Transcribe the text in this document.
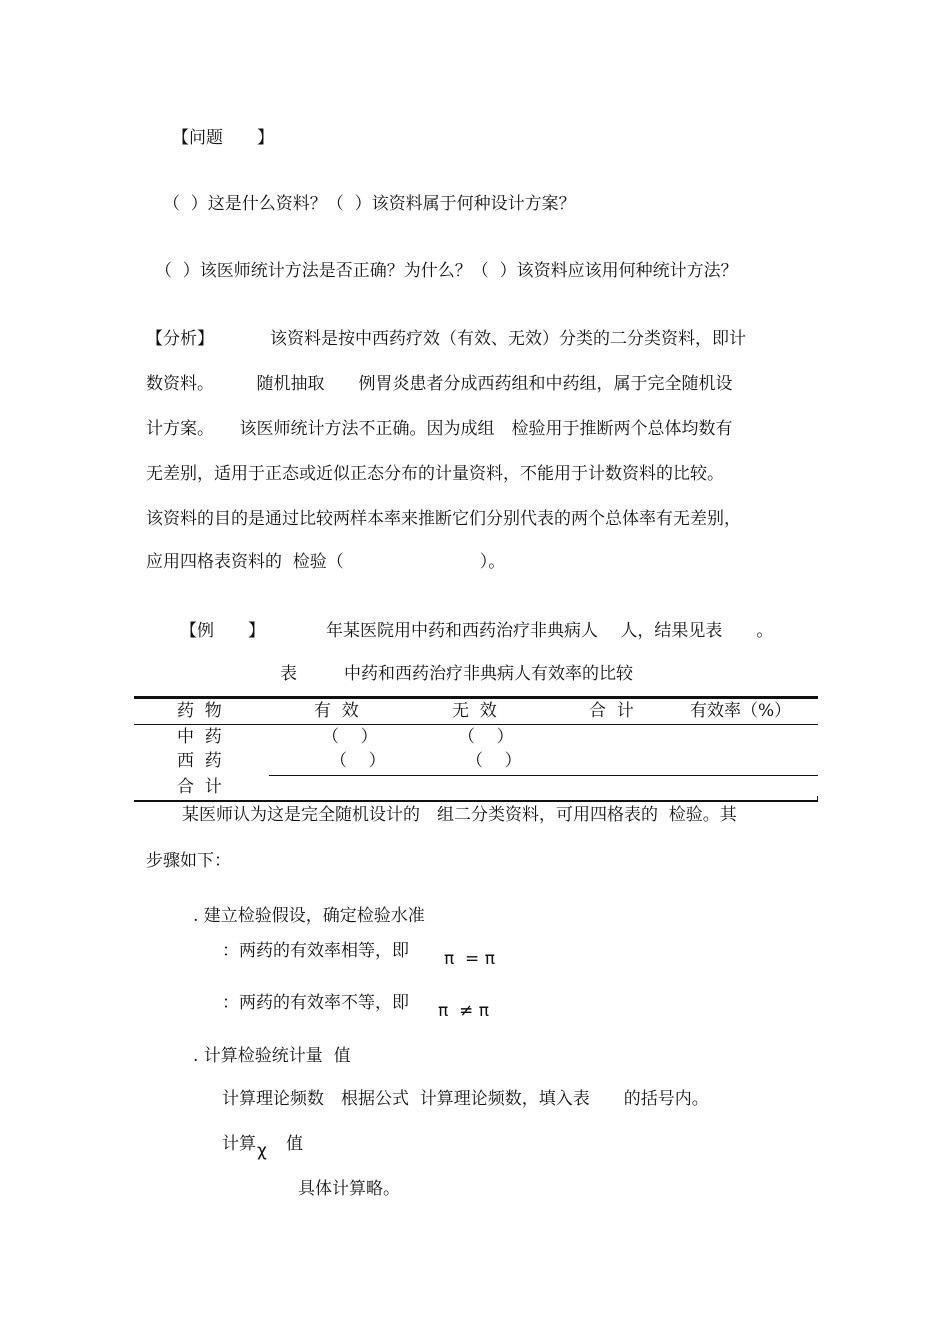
【问题　　】
（  ）这是什么资料？（  ）该资料属于何种设计方案？
（  ）该医师统计方法是否正确？为什么？（  ）该资料应该用何种统计方法？
【分析】	该资料是按中西药疗效（有效、无效）分类的二分类资料，即计
数资料。　　　随机抽取　　例胃炎患者分成西药组和中药组，属于完全随机设
计方案。　　该医师统计方法不正确。因为成组　检验用于推断两个总体均数有
无差别，适用于正态或近似正态分布的计量资料，不能用于计数资料的比较。
该资料的目的是通过比较两样本率来推断它们分别代表的两个总体率有无差别，
应用四格表资料的  检验（　　　　　　　　）。
【例　　】	年某医院用中药和西药治疗非典病人　 人，结果见表　　。
表	中药和西药治疗非典病人有效率的比较
药  物	有  效	无  效	合  计	有效率（%）
中  药	（    ）	（    ）
西  药	（    ）	（    ）
合  计
某医师认为这是完全随机设计的　组二分类资料，可用四格表的  检验。其
步骤如下：
. 建立检验假设，确定检验水准
：两药的有效率相等，即 π  = π
：两药的有效率不等，即 π  ≠ π
. 计算检验统计量  值
计算理论频数　根据公式  计算理论频数，填入表　　的括号内。
计算 χ 值
具体计算略。
